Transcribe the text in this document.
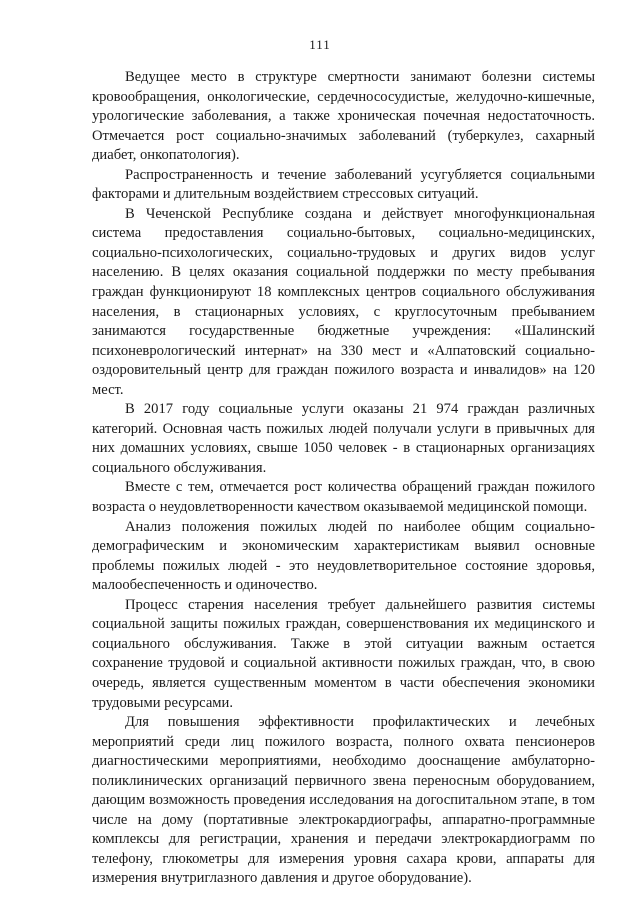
111

Ведущее место в структуре смертности занимают болезни системы кровообращения, онкологические, сердечнососудистые, желудочно-кишечные, урологические заболевания, а также хроническая почечная недостаточность. Отмечается рост социально-значимых заболеваний (туберкулез, сахарный диабет, онкопатология).

Распространенность и течение заболеваний усугубляется социальными факторами и длительным воздействием стрессовых ситуаций.

В Чеченской Республике создана и действует многофункциональная система предоставления социально-бытовых, социально-медицинских, социально-психологических, социально-трудовых и других видов услуг населению. В целях оказания социальной поддержки по месту пребывания граждан функционируют 18 комплексных центров социального обслуживания населения, в стационарных условиях, с круглосуточным пребыванием занимаются государственные бюджетные учреждения: «Шалинский психоневрологический интернат» на 330 мест и «Алпатовский социально-оздоровительный центр для граждан пожилого возраста и инвалидов» на 120 мест.

В 2017 году социальные услуги оказаны 21 974 граждан различных категорий. Основная часть пожилых людей получали услуги в привычных для них домашних условиях, свыше 1050 человек - в стационарных организациях социального обслуживания.

Вместе с тем, отмечается рост количества обращений граждан пожилого возраста о неудовлетворенности качеством оказываемой медицинской помощи.

Анализ положения пожилых людей по наиболее общим социально-демографическим и экономическим характеристикам выявил основные проблемы пожилых людей - это неудовлетворительное состояние здоровья, малообеспеченность и одиночество.

Процесс старения населения требует дальнейшего развития системы социальной защиты пожилых граждан, совершенствования их медицинского и социального обслуживания. Также в этой ситуации важным остается сохранение трудовой и социальной активности пожилых граждан, что, в свою очередь, является существенным моментом в части обеспечения экономики трудовыми ресурсами.

Для повышения эффективности профилактических и лечебных мероприятий среди лиц пожилого возраста, полного охвата пенсионеров диагностическими мероприятиями, необходимо дооснащение амбулаторно-поликлинических организаций первичного звена переносным оборудованием, дающим возможность проведения исследования на догоспитальном этапе, в том числе на дому (портативные электрокардиографы, аппаратно-программные комплексы для регистрации, хранения и передачи электрокардиограмм по телефону, глюкометры для измерения уровня сахара крови, аппараты для измерения внутриглазного давления и другое оборудование).
